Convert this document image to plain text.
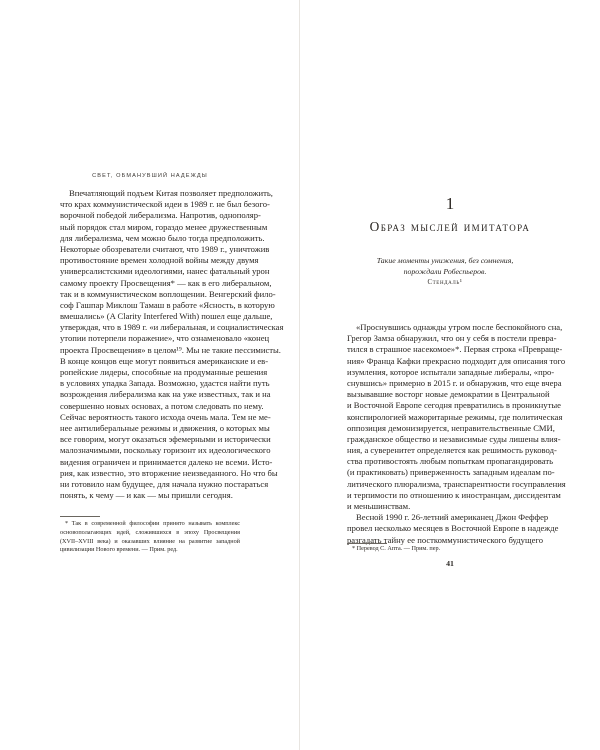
СВЕТ, ОБМАНУВШИЙ НАДЕЖДЫ
Впечатляющий подъем Китая позволяет предположить,
что крах коммунистической идеи в 1989 г. не был безого-
ворочной победой либерализма. Напротив, однополяр-
ный порядок стал миром, гораздо менее дружественным
для либерализма, чем можно было тогда предположить.
Некоторые обозреватели считают, что 1989 г., уничтожив
противостояние времен холодной войны между двумя
универсалистскими идеологиями, нанес фатальный урон
самому проекту Просвещения* — как в его либеральном,
так и в коммунистическом воплощении. Венгерский фило-
соф Гашпар Миклош Тамаш в работе «Ясность, в которую
вмешались» (A Clarity Interfered With) пошел еще дальше,
утверждая, что в 1989 г. «и либеральная, и социалистическая
утопии потерпели поражение», что ознаменовало «конец
проекта Просвещения» в целом¹⁹. Мы не такие пессимисты.
В конце концов еще могут появиться американские и ев-
ропейские лидеры, способные на продуманные решения
в условиях упадка Запада. Возможно, удастся найти путь
возрождения либерализма как на уже известных, так и на
совершенно новых основах, а потом следовать по нему.
Сейчас вероятность такого исхода очень мала. Тем не ме-
нее антилиберальные режимы и движения, о которых мы
все говорим, могут оказаться эфемерными и исторически
малозначимыми, поскольку горизонт их идеологического
видения ограничен и принимается далеко не всеми. Исто-
рия, как известно, это вторжение неизведанного. Но что бы
ни готовило нам будущее, для начала нужно постараться
понять, к чему — и как — мы пришли сегодня.
* Так в современной философии принято называть комплекс
основополагающих идей, сложившихся в эпоху Просвещения
(XVII–XVIII века) и оказавших влияние на развитие западной
цивилизации Нового времени. — Прим. ред.
1
Образ мыслей имитатора
Такие моменты унижения, без сомнения,
порождали Робеспьеров.
Стендаль¹
«Проснувшись однажды утром после беспокойного сна,
Грегор Замза обнаружил, что он у себя в постели превра-
тился в страшное насекомое»*. Первая строка «Превраще-
ния» Франца Кафки прекрасно подходит для описания того
изумления, которое испытали западные либералы, «про-
снувшись» примерно в 2015 г. и обнаружив, что еще вчера
вызывавшие восторг новые демократии в Центральной
и Восточной Европе сегодня превратились в проникнутые
конспирологией мажоритарные режимы, где политическая
оппозиция демонизируется, неправительственные СМИ,
гражданское общество и независимые суды лишены влия-
ния, а суверенитет определяется как решимость руковод-
ства противостоять любым попыткам пропагандировать
(и практиковать) приверженность западным идеалам по-
литического плюрализма, транспарентности госуправления
и терпимости по отношению к иностранцам, диссидентам
и меньшинствам.
Весной 1990 г. 26-летний американец Джон Феффер
провел несколько месяцев в Восточной Европе в надежде
разгадать тайну ее посткоммунистического будущего
* Перевод С. Апта. — Прим. пер.
41
